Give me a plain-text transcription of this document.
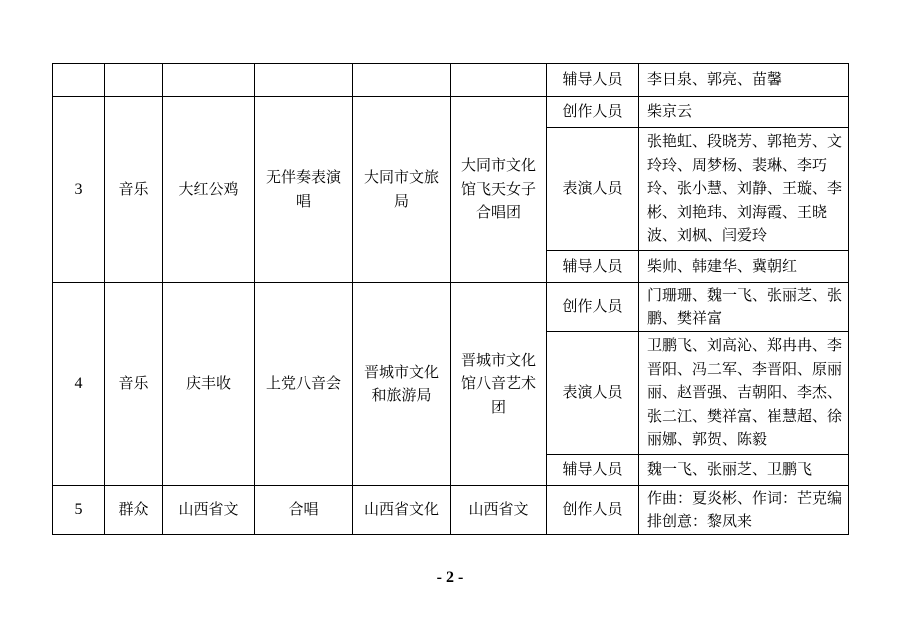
						辅导人员	李日泉、郭亮、苗馨
3	音乐	大红公鸡	无伴奏表演唱	大同市文旅局	大同市文化馆飞天女子合唱团	创作人员	柴京云
						表演人员	张艳虹、段晓芳、郭艳芳、文玲玲、周梦杨、裴琳、李巧玲、张小慧、刘静、王璇、李彬、刘艳玮、刘海霞、王晓波、刘枫、闫爱玲
						辅导人员	柴帅、韩建华、冀朝红
4	音乐	庆丰收	上党八音会	晋城市文化和旅游局	晋城市文化馆八音艺术团	创作人员	门珊珊、魏一飞、张丽芝、张鹏、樊祥富
						表演人员	卫鹏飞、刘高沁、郑冉冉、李晋阳、冯二军、李晋阳、原丽丽、赵晋强、吉朝阳、李杰、张二江、樊祥富、崔慧超、徐丽娜、郭贺、陈毅
						辅导人员	魏一飞、张丽芝、卫鹏飞
5	群众	山西省文	合唱	山西省文化	山西省文	创作人员	作曲：夏炎彬、作词：芒克编排创意：黎凤来
- 2 -
